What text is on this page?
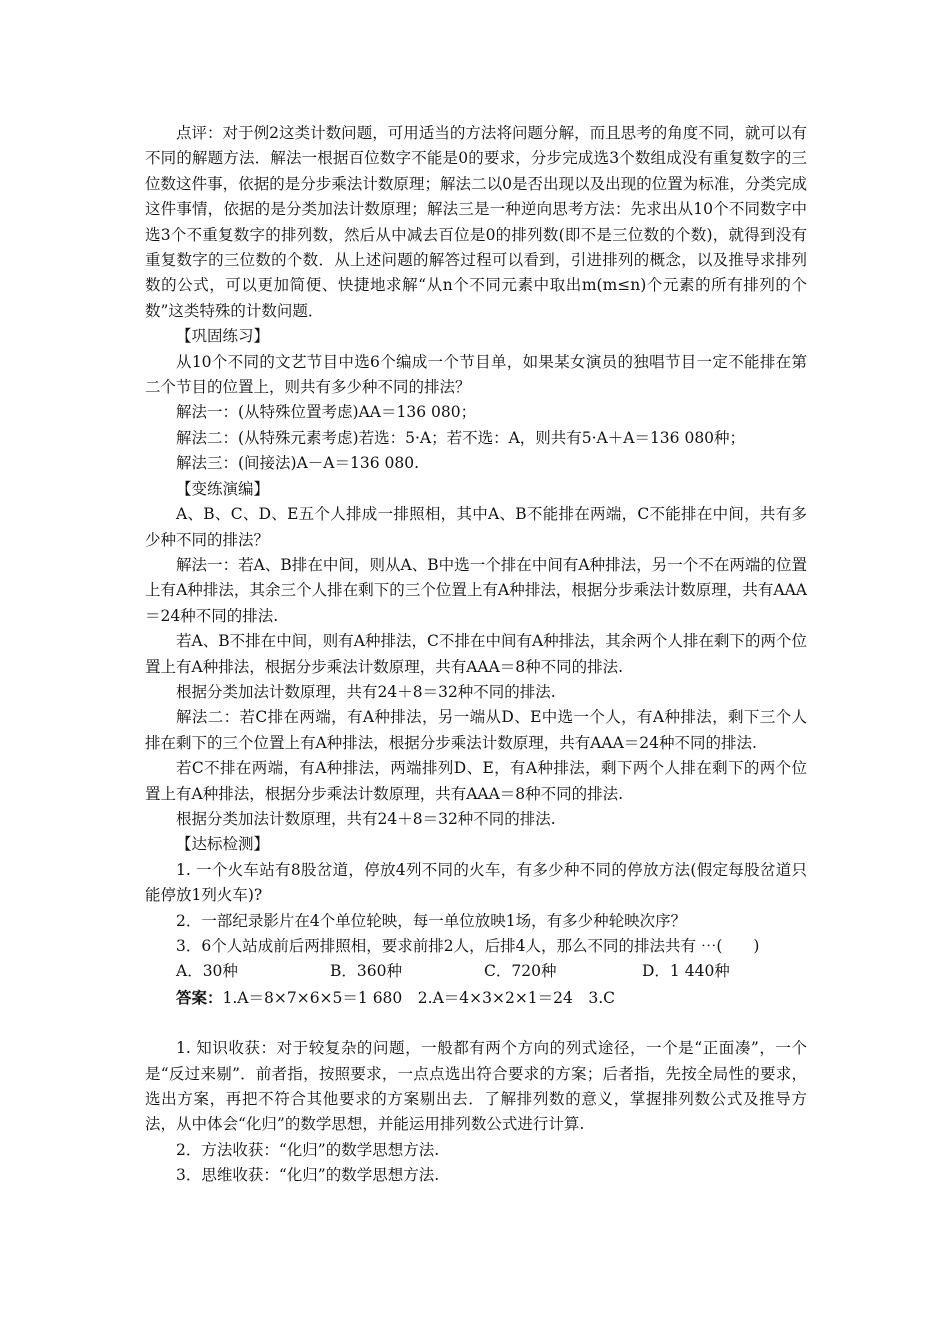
点评：对于例2这类计数问题，可用适当的方法将问题分解，而且思考的角度不同，就可以有不同的解题方法．解法一根据百位数字不能是0的要求，分步完成选3个数组成没有重复数字的三位数这件事，依据的是分步乘法计数原理；解法二以0是否出现以及出现的位置为标准，分类完成这件事情，依据的是分类加法计数原理；解法三是一种逆向思考方法：先求出从10个不同数字中选3个不重复数字的排列数，然后从中减去百位是0的排列数(即不是三位数的个数)，就得到没有重复数字的三位数的个数．从上述问题的解答过程可以看到，引进排列的概念，以及推导求排列数的公式，可以更加简便、快捷地求解“从n个不同元素中取出m(m≤n)个元素的所有排列的个数”这类特殊的计数问题．

【巩固练习】

从10个不同的文艺节目中选6个编成一个节目单，如果某女演员的独唱节目一定不能排在第二个节目的位置上，则共有多少种不同的排法？

解法一：(从特殊位置考虑)AA＝136 080；

解法二：(从特殊元素考虑)若选：5·A；若不选：A，则共有5·A＋A＝136 080种；

解法三：(间接法)A－A＝136 080.

【变练演编】

A、B、C、D、E五个人排成一排照相，其中A、B不能排在两端，C不能排在中间，共有多少种不同的排法？

解法一：若A、B排在中间，则从A、B中选一个排在中间有A种排法，另一个不在两端的位置上有A种排法，其余三个人排在剩下的三个位置上有A种排法，根据分步乘法计数原理，共有AAA＝24种不同的排法.

若A、B不排在中间，则有A种排法，C不排在中间有A种排法，其余两个人排在剩下的两个位置上有A种排法，根据分步乘法计数原理，共有AAA＝8种不同的排法.

根据分类加法计数原理，共有24＋8＝32种不同的排法.

解法二：若C排在两端，有A种排法，另一端从D、E中选一个人，有A种排法，剩下三个人排在剩下的三个位置上有A种排法，根据分步乘法计数原理，共有AAA＝24种不同的排法.

若C不排在两端，有A种排法，两端排列D、E，有A种排法，剩下两个人排在剩下的两个位置上有A种排法，根据分步乘法计数原理，共有AAA＝8种不同的排法.

根据分类加法计数原理，共有24＋8＝32种不同的排法.

【达标检测】

1. 一个火车站有8股岔道，停放4列不同的火车，有多少种不同的停放方法(假定每股岔道只能停放1列火车)?

2．一部纪录影片在4个单位轮映，每一单位放映1场，有多少种轮映次序？

3．6个人站成前后两排照相，要求前排2人，后排4人，那么不同的排法共有 ⋯(　　)

A．30种	B．360种	C．720种	D．1 440种

答案：1.A＝8×7×6×5＝1 680　2.A＝4×3×2×1＝24　3.C

1. 知识收获：对于较复杂的问题，一般都有两个方向的列式途径，一个是“正面凑”，一个是“反过来剔”．前者指，按照要求，一点点选出符合要求的方案；后者指，先按全局性的要求，选出方案，再把不符合其他要求的方案剔出去．了解排列数的意义，掌握排列数公式及推导方法，从中体会“化归”的数学思想，并能运用排列数公式进行计算.

2．方法收获：“化归”的数学思想方法.

3．思维收获：“化归”的数学思想方法.
